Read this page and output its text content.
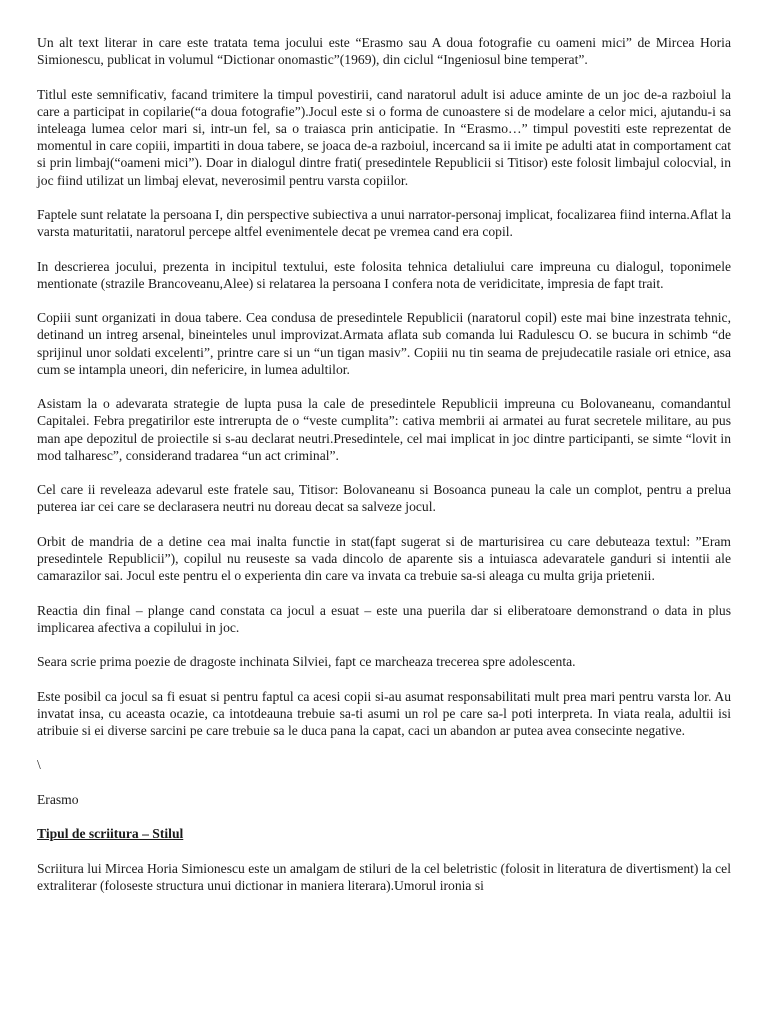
Un alt text literar in care este tratata tema jocului este “Erasmo sau A doua fotografie cu oameni mici” de Mircea Horia Simionescu, publicat in volumul “Dictionar onomastic”(1969), din ciclul “Ingeniosul bine temperat”.

Titlul este semnificativ, facand trimitere la timpul povestirii, cand naratorul adult isi aduce aminte de un joc de-a razboiul la care a participat in copilarie(“a doua fotografie”).Jocul este si o forma de cunoastere si de modelare a celor mici, ajutandu-i sa inteleaga lumea celor mari si, intr-un fel, sa o traiasca prin anticipatie. In “Erasmo…” timpul povestiti este reprezentat de momentul in care copiii, impartiti in doua tabere, se joaca de-a razboiul, incercand sa ii imite pe adulti atat in comportament cat si prin limbaj(“oameni mici”). Doar in dialogul dintre frati( presedintele Republicii si Titisor) este folosit limbajul colocvial, in joc fiind utilizat un limbaj elevat, neverosimil pentru varsta copiilor.

Faptele sunt relatate la persoana I, din perspective subiectiva a unui narrator-personaj implicat, focalizarea fiind interna.Aflat la varsta maturitatii, naratorul percepe altfel evenimentele decat pe vremea cand era copil.

In descrierea jocului, prezenta in incipitul textului, este folosita tehnica detaliului care impreuna cu dialogul, toponimele mentionate (strazile Brancoveanu,Alee) si relatarea la persoana I confera nota de veridicitate, impresia de fapt trait.

Copiii sunt organizati in doua tabere. Cea condusa de presedintele Republicii (naratorul copil) este mai bine inzestrata tehnic, detinand un intreg arsenal, bineinteles unul improvizat.Armata aflata sub comanda lui Radulescu O. se bucura in schimb “de sprijinul unor soldati excelenti”, printre care si un “un tigan masiv”. Copiii nu tin seama de prejudecatile rasiale ori etnice, asa cum se intampla uneori, din nefericire, in lumea adultilor.

Asistam la o adevarata strategie de lupta pusa la cale de presedintele Republicii impreuna cu Bolovaneanu, comandantul Capitalei. Febra pregatirilor este intrerupta de o “veste cumplita”: cativa membrii ai armatei au furat secretele militare, au pus man ape depozitul de proiectile si s-au declarat neutri.Presedintele, cel mai implicat in joc dintre participanti, se simte “lovit in mod talharesc”, considerand tradarea “un act criminal”.

Cel care ii reveleaza adevarul este fratele sau, Titisor: Bolovaneanu si Bosoanca puneau la cale un complot, pentru a prelua puterea iar cei care se declarasera neutri nu doreau decat sa salveze jocul.

Orbit de mandria de a detine cea mai inalta functie in stat(fapt sugerat si de marturisirea cu care debuteaza textul: ”Eram presedintele Republicii”), copilul nu reuseste sa vada dincolo de aparente sis a intuiasca adevaratele ganduri si intentii ale camarazilor sai. Jocul este pentru el o experienta din care va invata ca trebuie sa-si aleaga cu multa grija prietenii.

Reactia din final – plange cand constata ca jocul a esuat – este una puerila dar si eliberatoare demonstrand o data in plus implicarea afectiva a copilului in joc.

Seara scrie prima poezie de dragoste inchinata Silviei, fapt ce marcheaza trecerea spre adolescenta.

Este posibil ca jocul sa fi esuat si pentru faptul ca acesi copii si-au asumat responsabilitati mult prea mari pentru varsta lor. Au invatat insa, cu aceasta ocazie, ca intotdeauna trebuie sa-ti asumi un rol pe care sa-l poti interpreta. In viata reala, adultii isi atribuie si ei diverse sarcini pe care trebuie sa le duca pana la capat, caci un abandon ar putea avea consecinte negative.

\

Erasmo

Tipul de scriitura – Stilul

Scriitura lui Mircea Horia Simionescu este un amalgam de stiluri de la cel beletristic (folosit in literatura de divertisment) la cel extraliterar (foloseste structura unui dictionar in maniera literara).Umorul ironia si
